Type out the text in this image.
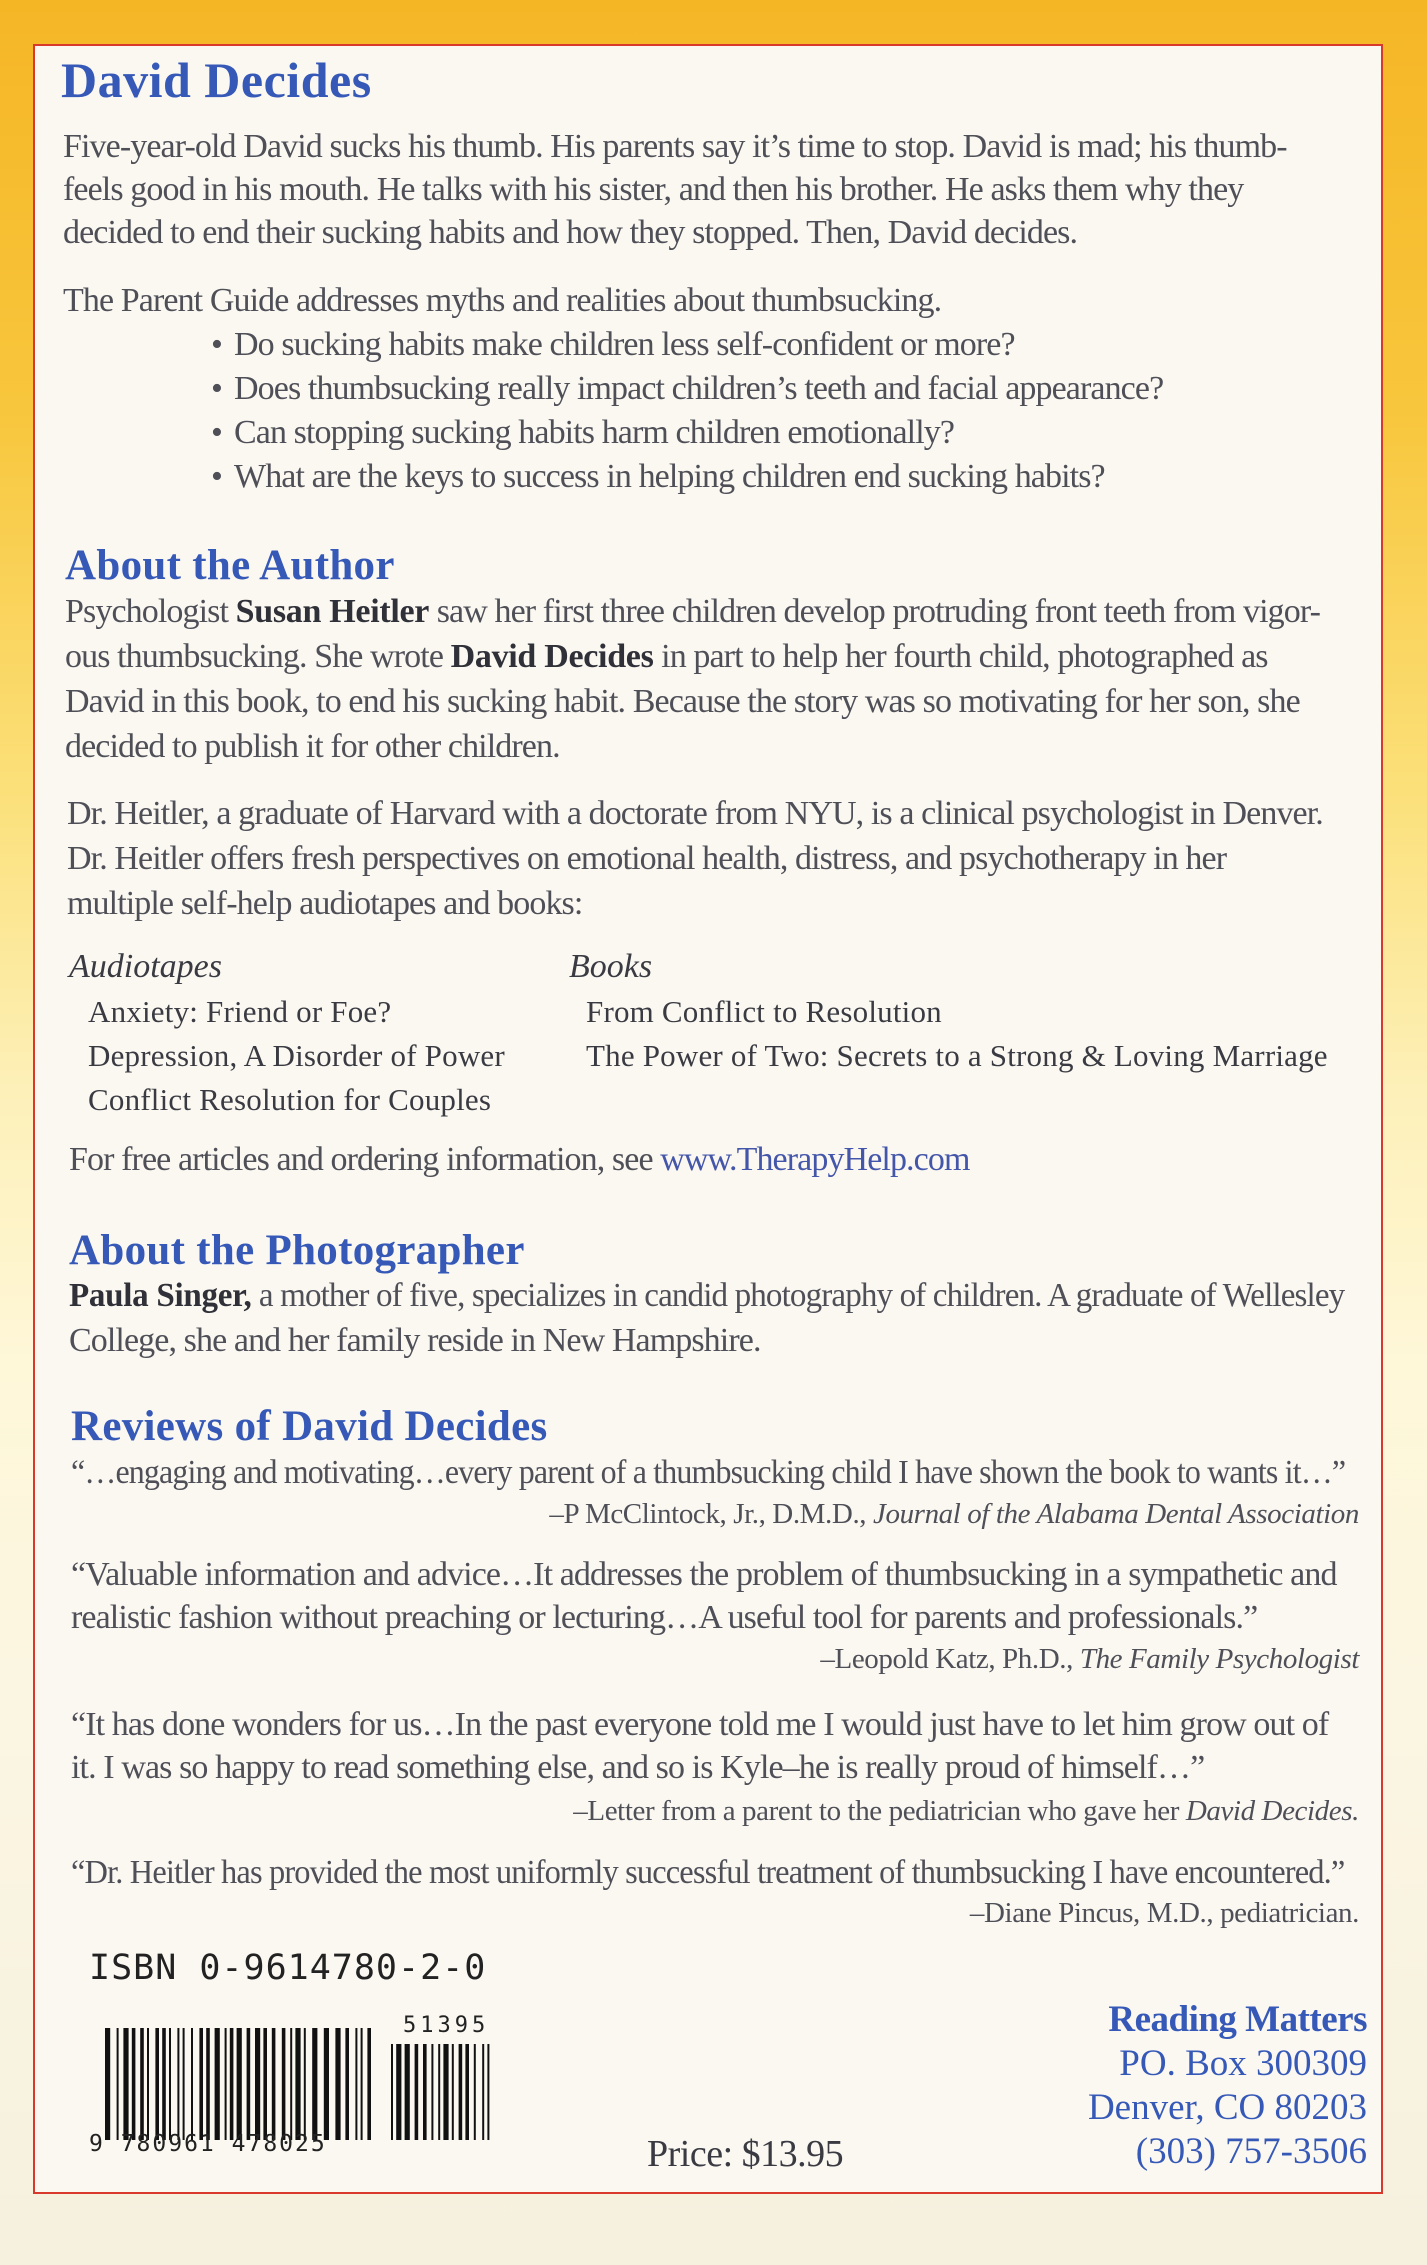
David Decides
Five-year-old David sucks his thumb. His parents say it’s time to stop. David is mad; his thumb-
feels good in his mouth. He talks with his sister, and then his brother. He asks them why they
decided to end their sucking habits and how they stopped. Then, David decides.
The Parent Guide addresses myths and realities about thumbsucking.
• Do sucking habits make children less self-confident or more?
• Does thumbsucking really impact children’s teeth and facial appearance?
• Can stopping sucking habits harm children emotionally?
• What are the keys to success in helping children end sucking habits?
About the Author
Psychologist Susan Heitler saw her first three children develop protruding front teeth from vigor-
ous thumbsucking. She wrote David Decides in part to help her fourth child, photographed as
David in this book, to end his sucking habit. Because the story was so motivating for her son, she
decided to publish it for other children.
Dr. Heitler, a graduate of Harvard with a doctorate from NYU, is a clinical psychologist in Denver.
Dr. Heitler offers fresh perspectives on emotional health, distress, and psychotherapy in her
multiple self-help audiotapes and books:
Audiotapes
Anxiety: Friend or Foe?
Depression, A Disorder of Power
Conflict Resolution for Couples
Books
From Conflict to Resolution
The Power of Two: Secrets to a Strong & Loving Marriage
For free articles and ordering information, see www.TherapyHelp.com
About the Photographer
Paula Singer, a mother of five, specializes in candid photography of children. A graduate of Wellesley
College, she and her family reside in New Hampshire.
Reviews of David Decides
“…engaging and motivating…every parent of a thumbsucking child I have shown the book to wants it…”
–P McClintock, Jr., D.M.D., Journal of the Alabama Dental Association
“Valuable information and advice…It addresses the problem of thumbsucking in a sympathetic and
realistic fashion without preaching or lecturing…A useful tool for parents and professionals.”
–Leopold Katz, Ph.D., The Family Psychologist
“It has done wonders for us…In the past everyone told me I would just have to let him grow out of
it. I was so happy to read something else, and so is Kyle–he is really proud of himself…”
–Letter from a parent to the pediatrician who gave her David Decides.
“Dr. Heitler has provided the most uniformly successful treatment of thumbsucking I have encountered.”
–Diane Pincus, M.D., pediatrician.
ISBN 0-9614780-2-0
51395
9 780961 478025	Price: $13.95
Reading Matters
PO. Box 300309
Denver, CO 80203
(303) 757-3506
